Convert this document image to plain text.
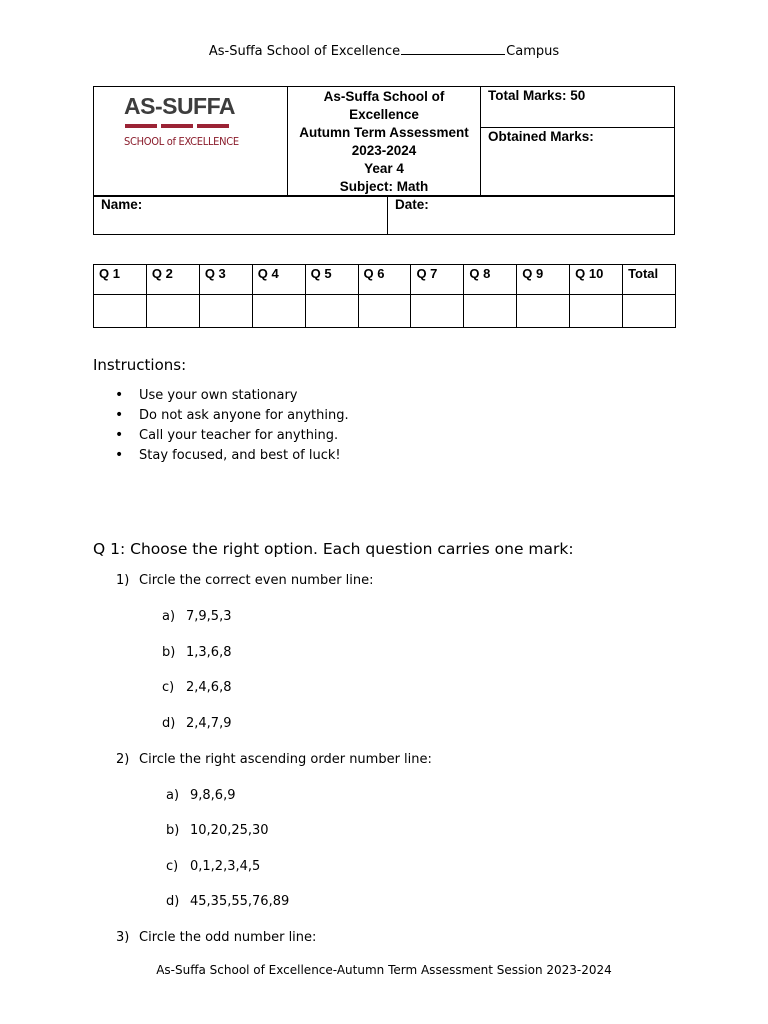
As-Suffa School of Excellence	Campus
AS-SUFFA
SCHOOL of EXCELLENCE

As-Suffa School of
Excellence
Autumn Term Assessment
2023-2024
Year 4
Subject: Math
	Total Marks: 50
Obtained Marks:
Name:	Date:
Q 1	Q 2	Q 3	Q 4	Q 5	Q 6	Q 7	Q 8	Q 9	Q 10	Total

Instructions:
• Use your own stationary
• Do not ask anyone for anything.
• Call your teacher for anything.
• Stay focused, and best of luck!
Q 1: Choose the right option. Each question carries one mark:
1) Circle the correct even number line:
a) 7,9,5,3
b) 1,3,6,8
c) 2,4,6,8
d) 2,4,7,9
2) Circle the right ascending order number line:
a) 9,8,6,9
b) 10,20,25,30
c) 0,1,2,3,4,5
d) 45,35,55,76,89
3) Circle the odd number line:
As-Suffa School of Excellence-Autumn Term Assessment Session 2023-2024
